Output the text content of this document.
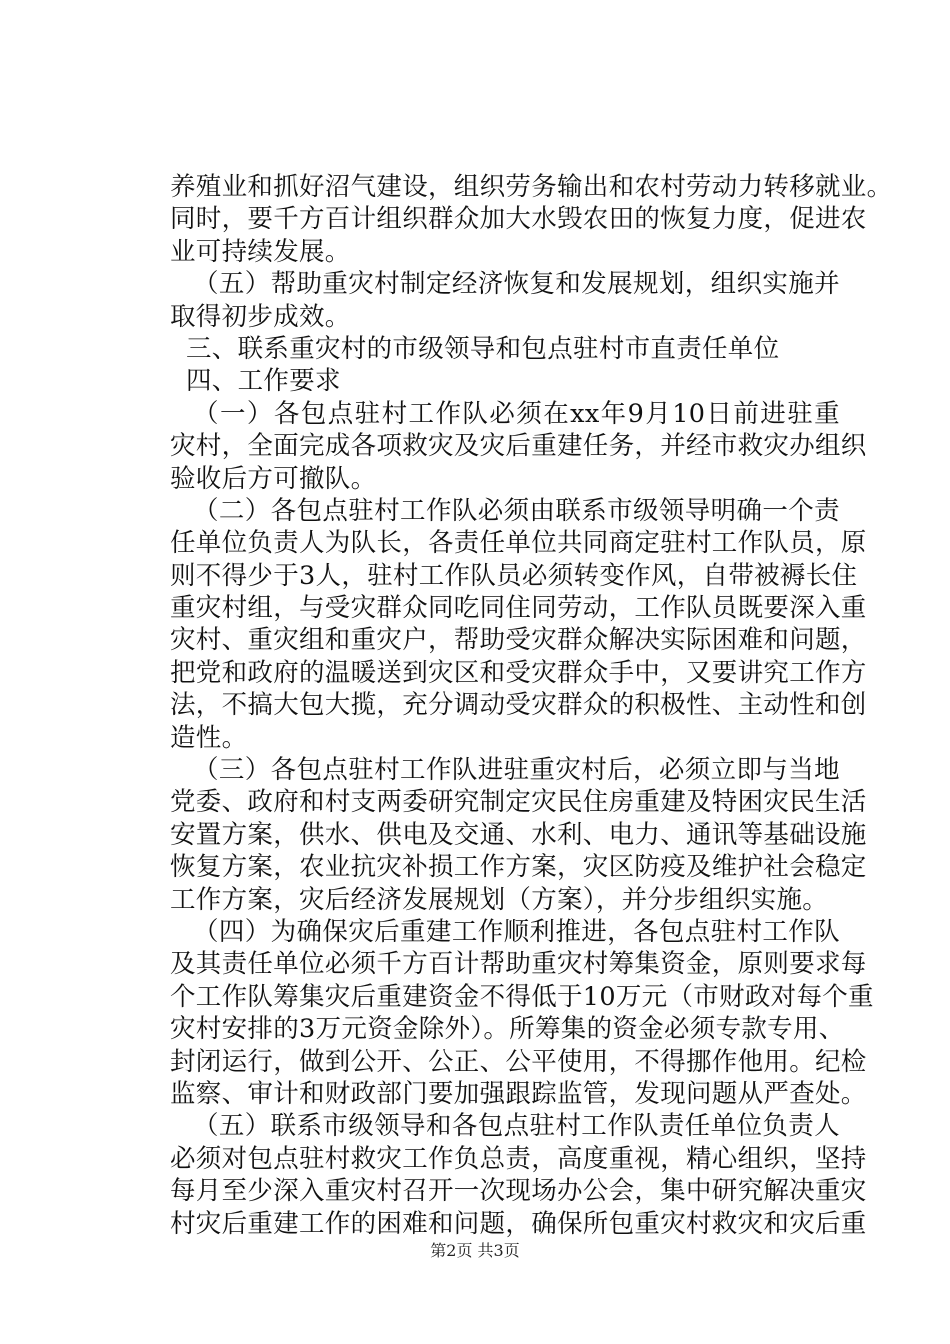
养殖业和抓好沼气建设，组织劳务输出和农村劳动力转移就业。
同时，要千方百计组织群众加大水毁农田的恢复力度，促进农
业可持续发展。
（五）帮助重灾村制定经济恢复和发展规划，组织实施并
取得初步成效。
三、联系重灾村的市级领导和包点驻村市直责任单位
四、工作要求
（一）各包点驻村工作队必须在xx年9月10日前进驻重
灾村，全面完成各项救灾及灾后重建任务，并经市救灾办组织
验收后方可撤队。
（二）各包点驻村工作队必须由联系市级领导明确一个责
任单位负责人为队长，各责任单位共同商定驻村工作队员，原
则不得少于3人，驻村工作队员必须转变作风，自带被褥长住
重灾村组，与受灾群众同吃同住同劳动，工作队员既要深入重
灾村、重灾组和重灾户，帮助受灾群众解决实际困难和问题，
把党和政府的温暖送到灾区和受灾群众手中，又要讲究工作方
法，不搞大包大揽，充分调动受灾群众的积极性、主动性和创
造性。
（三）各包点驻村工作队进驻重灾村后，必须立即与当地
党委、政府和村支两委研究制定灾民住房重建及特困灾民生活
安置方案，供水、供电及交通、水利、电力、通讯等基础设施
恢复方案，农业抗灾补损工作方案，灾区防疫及维护社会稳定
工作方案，灾后经济发展规划（方案），并分步组织实施。
（四）为确保灾后重建工作顺利推进，各包点驻村工作队
及其责任单位必须千方百计帮助重灾村筹集资金，原则要求每
个工作队筹集灾后重建资金不得低于10万元（市财政对每个重
灾村安排的3万元资金除外）。所筹集的资金必须专款专用、
封闭运行，做到公开、公正、公平使用，不得挪作他用。纪检
监察、审计和财政部门要加强跟踪监管，发现问题从严查处。
（五）联系市级领导和各包点驻村工作队责任单位负责人
必须对包点驻村救灾工作负总责，高度重视，精心组织，坚持
每月至少深入重灾村召开一次现场办公会，集中研究解决重灾
村灾后重建工作的困难和问题，确保所包重灾村救灾和灾后重
第2页 共3页
